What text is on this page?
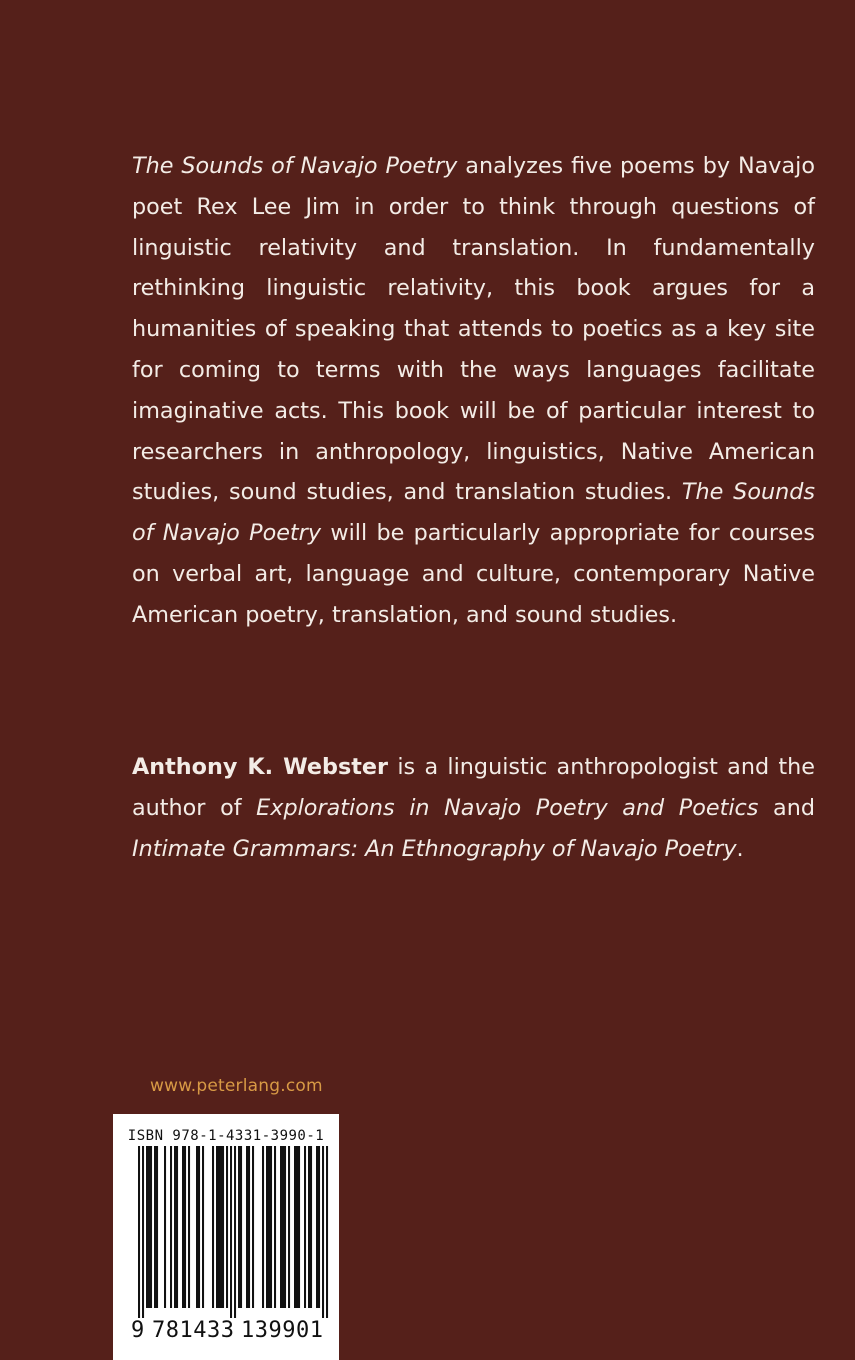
The Sounds of Navajo Poetry analyzes five poems by Navajo poet Rex Lee Jim in order to think through questions of linguistic relativity and translation. In fundamentally rethinking linguistic relativity, this book argues for a humanities of speaking that attends to poetics as a key site for coming to terms with the ways languages facilitate imaginative acts. This book will be of particular interest to researchers in anthropology, linguistics, Native American studies, sound studies, and translation studies. The Sounds of Navajo Poetry will be particularly appropriate for courses on verbal art, language and culture, contemporary Native American poetry, translation, and sound studies.
Anthony K. Webster is a linguistic anthropologist and the author of Explorations in Navajo Poetry and Poetics and Intimate Grammars: An Ethnography of Navajo Poetry.
www.peterlang.com
ISBN 978-1-4331-3990-1
9 781433 139901
